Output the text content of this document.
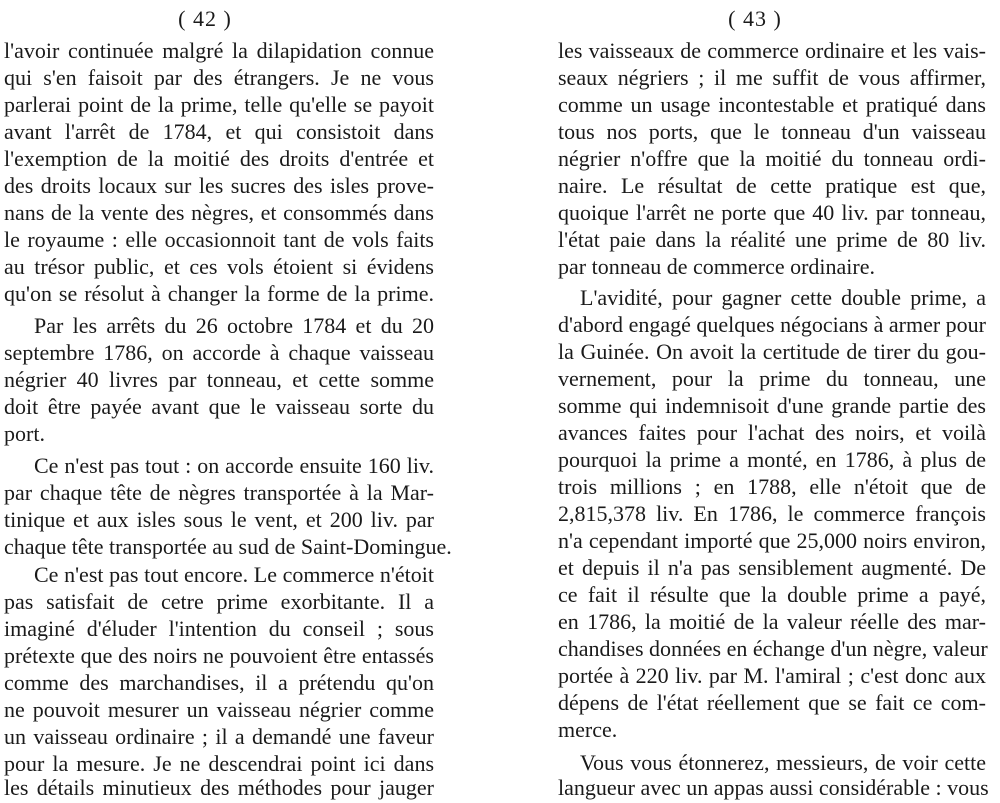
( 42 )
l'avoir continuée malgré la dilapidation connue
qui s'en faisoit par des étrangers. Je ne vous
parlerai point de la prime, telle qu'elle se payoit
avant l'arrêt de 1784, et qui consistoit dans
l'exemption de la moitié des droits d'entrée et
des droits locaux sur les sucres des isles prove-
nans de la vente des nègres, et consommés dans
le royaume : elle occasionnoit tant de vols faits
au trésor public, et ces vols étoient si évidens
qu'on se résolut à changer la forme de la prime.
Par les arrêts du 26 octobre 1784 et du 20
septembre 1786, on accorde à chaque vaisseau
négrier 40 livres par tonneau, et cette somme
doit être payée avant que le vaisseau sorte du
port.
Ce n'est pas tout : on accorde ensuite 160 liv.
par chaque tête de nègres transportée à la Mar-
tinique et aux isles sous le vent, et 200 liv. par
chaque tête transportée au sud de Saint-Domingue.
Ce n'est pas tout encore. Le commerce n'étoit
pas satisfait de cetre prime exorbitante. Il a
imaginé d'éluder l'intention du conseil ; sous
prétexte que des noirs ne pouvoient être entassés
comme des marchandises, il a prétendu qu'on
ne pouvoit mesurer un vaisseau négrier comme
un vaisseau ordinaire ; il a demandé une faveur
pour la mesure. Je ne descendrai point ici dans
les détails minutieux des méthodes pour jauger
( 43 )
les vaisseaux de commerce ordinaire et les vais-
seaux négriers ; il me suffit de vous affirmer,
comme un usage incontestable et pratiqué dans
tous nos ports, que le tonneau d'un vaisseau
négrier n'offre que la moitié du tonneau ordi-
naire. Le résultat de cette pratique est que,
quoique l'arrêt ne porte que 40 liv. par tonneau,
l'état paie dans la réalité une prime de 80 liv.
par tonneau de commerce ordinaire.
L'avidité, pour gagner cette double prime, a
d'abord engagé quelques négocians à armer pour
la Guinée. On avoit la certitude de tirer du gou-
vernement, pour la prime du tonneau, une
somme qui indemnisoit d'une grande partie des
avances faites pour l'achat des noirs, et voilà
pourquoi la prime a monté, en 1786, à plus de
trois millions ; en 1788, elle n'étoit que de
2,815,378 liv. En 1786, le commerce françois
n'a cependant importé que 25,000 noirs environ,
et depuis il n'a pas sensiblement augmenté. De
ce fait il résulte que la double prime a payé,
en 1786, la moitié de la valeur réelle des mar-
chandises données en échange d'un nègre, valeur
portée à 220 liv. par M. l'amiral ; c'est donc aux
dépens de l'état réellement que se fait ce com-
merce.
Vous vous étonnerez, messieurs, de voir cette
langueur avec un appas aussi considérable : vous
